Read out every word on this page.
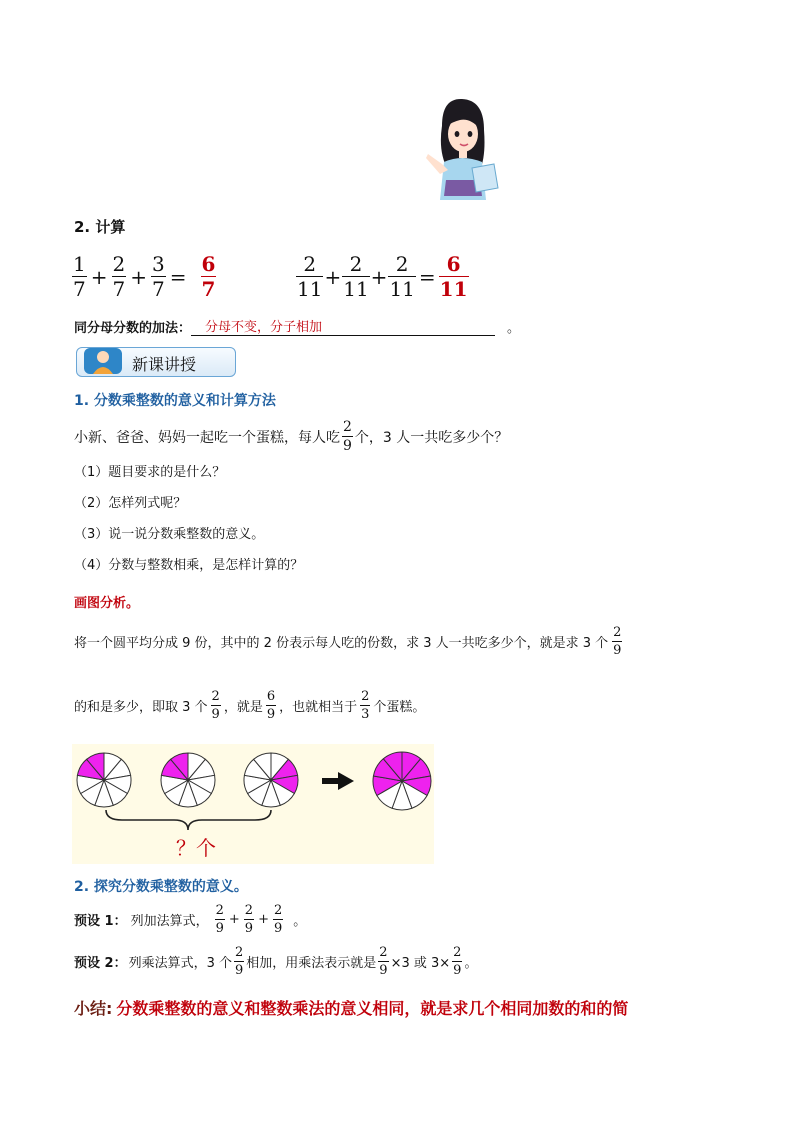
2. 计算
$\frac{1}{7} + \frac{2}{7} + \frac{3}{7} = \frac{6}{7}$	$\frac{2}{11} + \frac{2}{11} + \frac{2}{11} = \frac{6}{11}$
同分母分数的加法：	分母不变，分子相加	。
新课讲授
1. 分数乘整数的意义和计算方法
小新、爸爸、妈妈一起吃一个蛋糕，每人吃 $\frac{2}{9}$ 个，3 人一共吃多少个？
（1）题目要求的是什么？
（2）怎样列式呢？
（3）说一说分数乘整数的意义。
（4）分数与整数相乘，是怎样计算的？
画图分析。
将一个圆平均分成 9 份，其中的 2 份表示每人吃的份数，求 3 人一共吃多少个，就是求 3 个 $\frac{2}{9}$
的和是多少，即取 3 个 $\frac{2}{9}$ ，就是 $\frac{6}{9}$ ，也就相当于 $\frac{2}{3}$ 个蛋糕。
？个
2. 探究分数乘整数的意义。
预设 1： 列加法算式， $\frac{2}{9} + \frac{2}{9} + \frac{2}{9}$ 。
预设 2： 列乘法算式，3 个 $\frac{2}{9}$ 相加，用乘法表示就是 $\frac{2}{9} \times 3$ 或 $3\times \frac{2}{9}$ 。
小结: 分数乘整数的意义和整数乘法的意义相同，就是求几个相同加数的和的简
